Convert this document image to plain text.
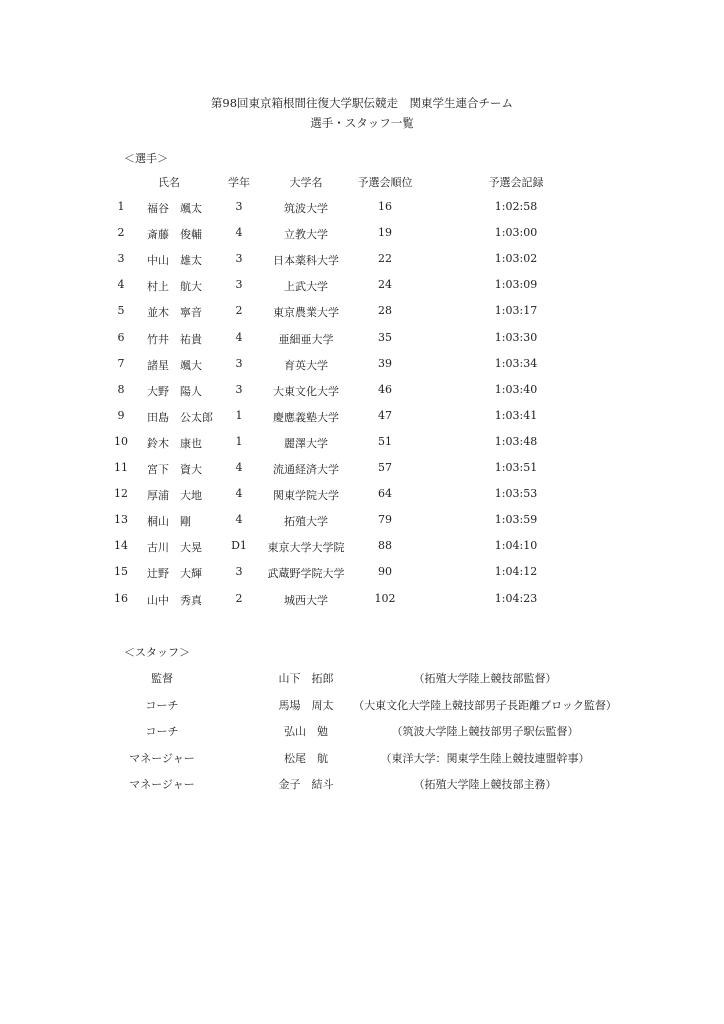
第98回東京箱根間往復大学駅伝競走　関東学生連合チーム
選手・スタッフ一覧
＜選手＞
氏名	学年	大学名	予選会順位	予選会記録
1	福谷　颯太	3	筑波大学	16	1:02:58
2	斎藤　俊輔	4	立教大学	19	1:03:00
3	中山　雄太	3	日本薬科大学	22	1:03:02
4	村上　航大	3	上武大学	24	1:03:09
5	並木　寧音	2	東京農業大学	28	1:03:17
6	竹井　祐貴	4	亜細亜大学	35	1:03:30
7	諸星　颯大	3	育英大学	39	1:03:34
8	大野　陽人	3	大東文化大学	46	1:03:40
9	田島　公太郎	1	慶應義塾大学	47	1:03:41
10	鈴木　康也	1	麗澤大学	51	1:03:48
11	宮下　資大	4	流通経済大学	57	1:03:51
12	厚浦　大地	4	関東学院大学	64	1:03:53
13	桐山　剛	4	拓殖大学	79	1:03:59
14	古川　大晃	D1	東京大学大学院	88	1:04:10
15	辻野　大輝	3	武蔵野学院大学	90	1:04:12
16	山中　秀真	2	城西大学	102	1:04:23
＜スタッフ＞
監督	山下　拓郎	（拓殖大学陸上競技部監督）
コーチ	馬場　周太	（大東文化大学陸上競技部男子長距離ブロック監督）
コーチ	弘山　勉	（筑波大学陸上競技部男子駅伝監督）
マネージャー	松尾　航	（東洋大学：関東学生陸上競技連盟幹事）
マネージャー	金子　結斗	（拓殖大学陸上競技部主務）
